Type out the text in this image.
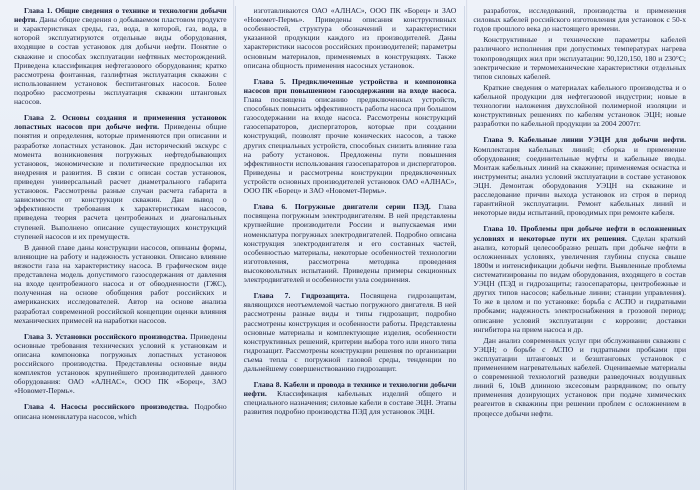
Глава 1. Общие сведения о технике и технологии добычи нефти. Даны общие сведения о добываемом пластовом продукте и характеристиках среды, газ, вода, в которой, газ, вода, в которой эксплуатируются отдельные виды оборудования, входящие в состав установок для добычи нефти. Понятие о скважине и способах эксплуатации нефтяных месторождений. Приведена классификация нефтегазового оборудования; кратко рассмотрена фонтанная, газлифтная эксплуатация скважин с использованием установок беспитанговых насосов. Более подробно рассмотрены эксплуатация скважин штанговых насосов.

Глава 2. Основы создания и применения установок лопастных насосов при добыче нефти. Приведены общие понятия и определения, которые применяются при описании и разработке лопастных установок. Дан исторический экскурс с момента возникновения погружных нефтедобывающих установок, экономические и политические предпосылки их внедрения и развития. В связи с описан состав установок, приведен универсальный расчет диаметрального габарита установок. Рассмотрены разные случаи расчета габарита в зависимости от конструкции скважин. Дан вывод о эффективности требования к характеристикам насосов, приведена теория расчета центробежных и диагональных ступеней. Выполнено описание существующих конструкций ступеней насосов и их премуществ.

В данной главе даны конструкции насосов, опинаны формы, влияющие на работу и надежность установки. Описано влияние вязкости газа на характеристику насоса. В графическом виде представлена модель допустимого газосодержания от давления на входе центробежного насоса и от обводненности (ГЖС), полученная на основе обобщения работ российских и американских исследователей. Автор на основе анализа разработал современной российской концепции оценки влияния механических примесей на наработки насосов.

Глава 3. Установки российского производства. Приведены основные требования технических условий к установкам и описана компоновка погружных лопастных установок российского производства. Представлены основные виды комплектов установок крупнейшего производителей данного оборудования: ОАО «АЛНАС», ООО ПК «Борец», ЗАО «Новомет-Пермь».

Глава 4. Насосы российского производства. Подробно описана номенклатура насосов, which

изготавливаются ОАО «АЛНАС», ООО ПК «Борец» и ЗАО «Новомет-Пермь». Приведены описания конструктивных особенностей, структура обозначений и характеристики указанной продукции каждого из производителей. Даны характеристики насосов российских производителей; параметры основным материалов, применяемых в конструкциях. Также описана общность применения насосных установок.

Глава 5. Предвключенные устройства и компоновка насосов при повышенном газосодержании на входе насоса. Глава посвящена описанию предвключенных устройств, способных повысить эффективность работы насоса при большом газосодержании на входе насоса. Рассмотрены конструкций газосепараторов, диспергаторов, которые при создании конструкций, позволят прочие конических насосов, a также других специальных устройств, способных снизить влияние газа на работу установок. Предложены пути повышения эффективности использования газосепараторов и диспергаторов. Приведены и рассмотрены конструкции предвключенных устройств основных производителей установок ОАО «АЛНАС», ООО ПК «Борец» и ЗАО «Новомет-Пермь».

Глава 6. Погружные двигатели серии ПЭД. Глава посвящена погружным электродвигателям. В ней представлены крупнейшие производители России и выпускаемая ими номенклатура погружных электродвигателей. Подробно описана конструкция электродвигателя и его составных частей, особенностью материалы, некоторые особенностей технологии изготовления, рассмотрена методика проведения высоковольтных испытаний. Приведены примеры секционных электродвигателей и особенности узла соединения.

Глава 7. Гидрозащита. Посвящена гидрозащитам, являющихся неотъемлемой частью погружного двигателя. В ней рассмотрены разные виды и типы гидрозащит, подробно рассмотрены конструкция и особенности работы. Представлены основные материалы и комплектующие изделия, особенности конструктивных решений, критерии выбора того или иного типа гидрозащит. Рассмотрены конструкции решения по организации съема тепла с погружной газовой среды, тенденции по дальнейшему совершенствованию гидрозащит.

Глава 8. Кабели и провода в технике и технологии добычи нефти. Классификация кабельных изделий общего и специального назначения; силовые кабели в составе ЭЦН. Этапы развития подробно производства ПЭД для установок ЭЦН.

разработок, исследований, производства и применения силовых кабелей российского изготовления для установок с 50-х годов прошлого века до настоящего времени.

Конструктивные и технические параметры кабелей различного исполнения при допустимых температурах нагрева токопроводящих жил при эксплуатации: 90,120,150, 180 и 230°С; электрические и термомеханические характеристики отдельных типов силовых кабелей.

Краткие сведения о материалах кабельного производства и о кабельной продукции для нефтегазовой индустрии; новые в технологии наложения двухслойной полимерной изоляции и конструктивных решениях по кабелям установок ЭЦН; новые разработки по кабельной продукции за 2004 2007гг.

Глава 9. Кабельные линии УЭЦН для добычи нефти. Комплектация кабельных линий; сборка и применение оборудования; соединительные муфты и кабельные вводы. Монтаж кабельных линий на скважине; применяемая оснастка и инструменты; анализ условий эксплуатации в составе установок ЭЦН. Демонтаж оборудования УЭЦН на скважине и расследование причин выхода установок из строя в период гарантийной эксплуатации. Ремонт кабельных линий и некоторые виды испытаний, проводимых при ремонте кабеля.

Глава 10. Проблемы при добыче нефти в осложненных условиях и некоторые пути их решения. Сделан краткий анализ, который целесообразно решать при добыче нефти в осложненных условиях, увеличения глубины спуска свыше 1800м и интенсификации добычи нефти. Выявленные проблемы систематизированы по видам оборудования, входящего в состав УЭЦН (ПЭД и гидрозащиты; газосепараторы, центробежные и других типов насосов; кабельные линии; станции управления). То же в целом и по установке: борьба с АСПО и гидратными пробками; надежность электроснабжения в грозовой период; описание условий эксплуатации с коррозии; доставки ингибитора на прием насоса и др.

Дан анализ современных услуг при обслуживании скважин с УЭЦН; о борьбе с АСПО и гидратными пробками при эксплуатации штанговых и безштанговых установок с применением нагревательных кабелей. Оцениваемые материалы о современной технологий разведки разведочных воздушных линий 6, 10кВ длинною зксесовым разрядником; по опыту применения дозирующих установок при подаче химических реагентов в скважины при решении проблем с осложнением в процессе добычи нефти.
